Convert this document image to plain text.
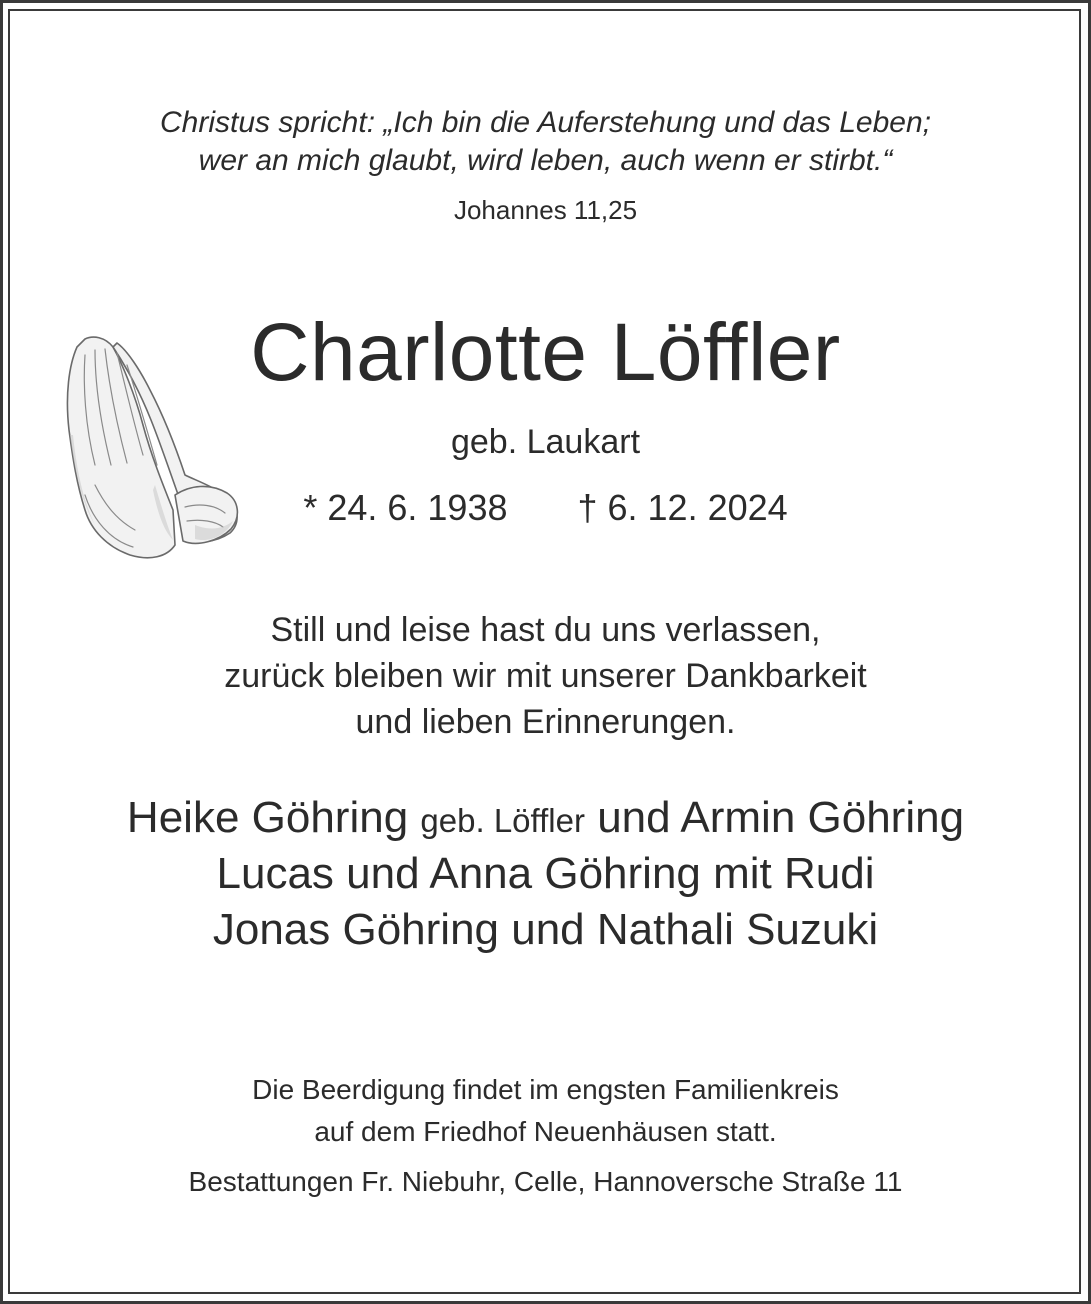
Christus spricht: „Ich bin die Auferstehung und das Leben;

wer an mich glaubt, wird leben, auch wenn er stirbt.“

Johannes 11,25

Charlotte Löffler

geb. Laukart

* 24. 6. 1938 † 6. 12. 2024

Still und leise hast du uns verlassen,

zurück bleiben wir mit unserer Dankbarkeit

und lieben Erinnerungen.

Heike Göhring geb. Löffler und Armin Göhring

Lucas und Anna Göhring mit Rudi

Jonas Göhring und Nathali Suzuki

Die Beerdigung findet im engsten Familienkreis

auf dem Friedhof Neuenhäusen statt.

Bestattungen Fr. Niebuhr, Celle, Hannoversche Straße 11
